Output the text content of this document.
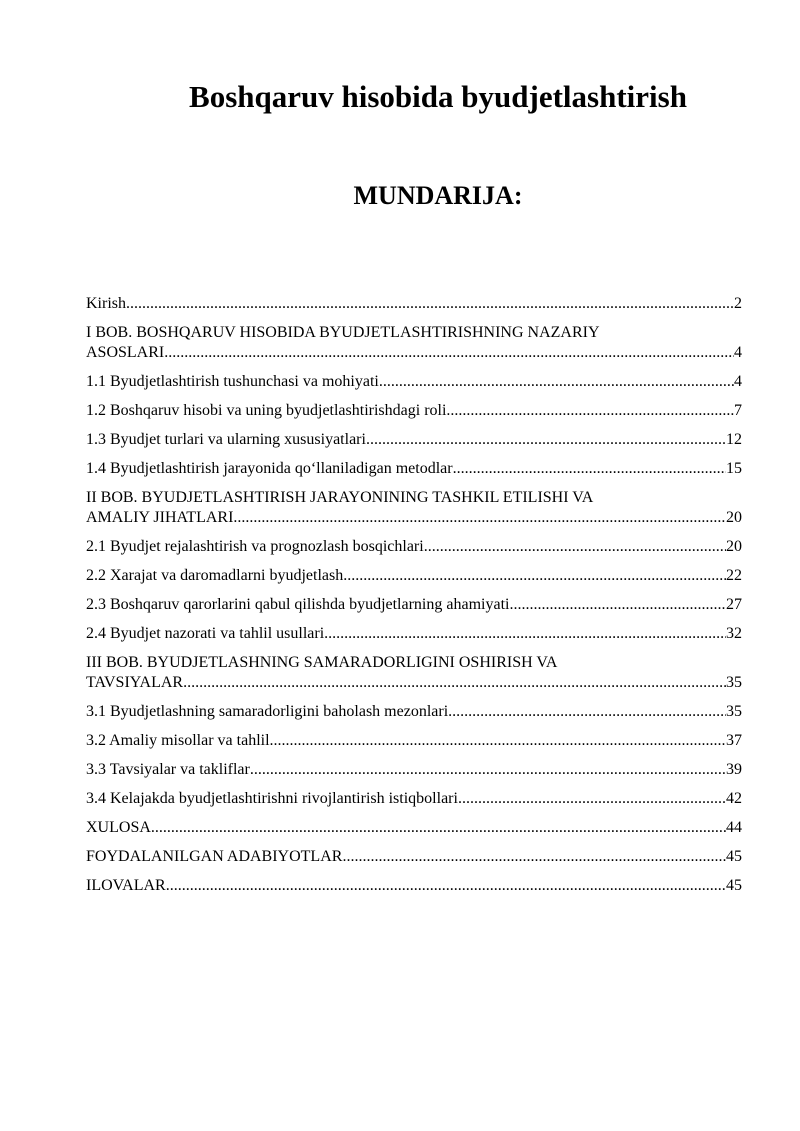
Boshqaruv hisobida byudjetlashtirish
MUNDARIJA:
Kirish .....	2
I BOB. BOSHQARUV HISOBIDA BYUDJETLASHTIRISHNING NAZARIY
ASOSLARI .....	4
1.1 Byudjetlashtirish tushunchasi va mohiyati .....	4
1.2 Boshqaruv hisobi va uning byudjetlashtirishdagi roli .....	7
1.3 Byudjet turlari va ularning xususiyatlari .....	12
1.4 Byudjetlashtirish jarayonida qo‘llaniladigan metodlar .....	15
II BOB. BYUDJETLASHTIRISH JARAYONINING TASHKIL ETILISHI VA
AMALIY JIHATLARI .....	20
2.1 Byudjet rejalashtirish va prognozlash bosqichlari .....	20
2.2 Xarajat va daromadlarni byudjetlash .....	22
2.3 Boshqaruv qarorlarini qabul qilishda byudjetlarning ahamiyati .....	27
2.4 Byudjet nazorati va tahlil usullari .....	32
III BOB. BYUDJETLASHNING SAMARADORLIGINI OSHIRISH VA
TAVSIYALAR .....	35
3.1 Byudjetlashning samaradorligini baholash mezonlari .....	35
3.2 Amaliy misollar va tahlil .....	37
3.3 Tavsiyalar va takliflar .....	39
3.4 Kelajakda byudjetlashtirishni rivojlantirish istiqbollari .....	42
XULOSA .....	44
FOYDALANILGAN ADABIYOTLAR .....	45
ILOVALAR .....	45
